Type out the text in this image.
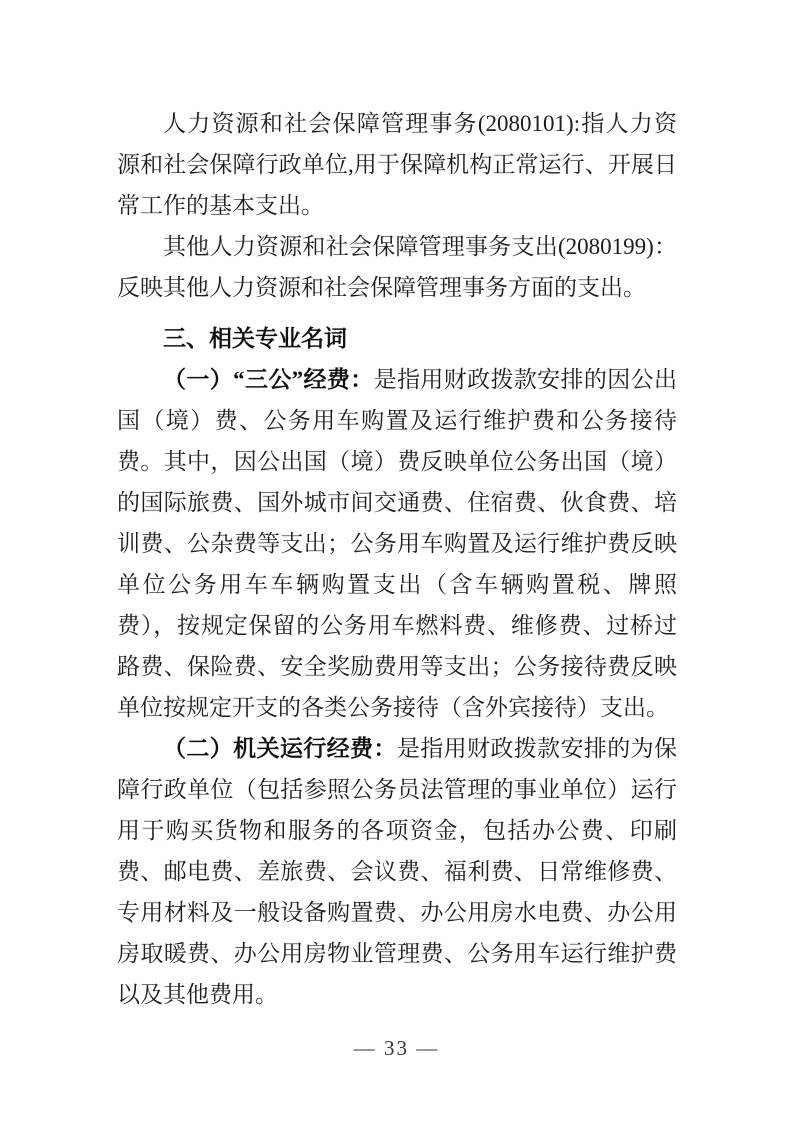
人力资源和社会保障管理事务(2080101):指人力资源和社会保障行政单位,用于保障机构正常运行、开展日常工作的基本支出。

其他人力资源和社会保障管理事务支出(2080199)：反映其他人力资源和社会保障管理事务方面的支出。

三、相关专业名词

（一）“三公”经费：是指用财政拨款安排的因公出国（境）费、公务用车购置及运行维护费和公务接待费。其中，因公出国（境）费反映单位公务出国（境）的国际旅费、国外城市间交通费、住宿费、伙食费、培训费、公杂费等支出；公务用车购置及运行维护费反映单位公务用车车辆购置支出（含车辆购置税、牌照费），按规定保留的公务用车燃料费、维修费、过桥过路费、保险费、安全奖励费用等支出；公务接待费反映单位按规定开支的各类公务接待（含外宾接待）支出。

（二）机关运行经费：是指用财政拨款安排的为保障行政单位（包括参照公务员法管理的事业单位）运行用于购买货物和服务的各项资金，包括办公费、印刷费、邮电费、差旅费、会议费、福利费、日常维修费、专用材料及一般设备购置费、办公用房水电费、办公用房取暖费、办公用房物业管理费、公务用车运行维护费以及其他费用。

— 33 —
